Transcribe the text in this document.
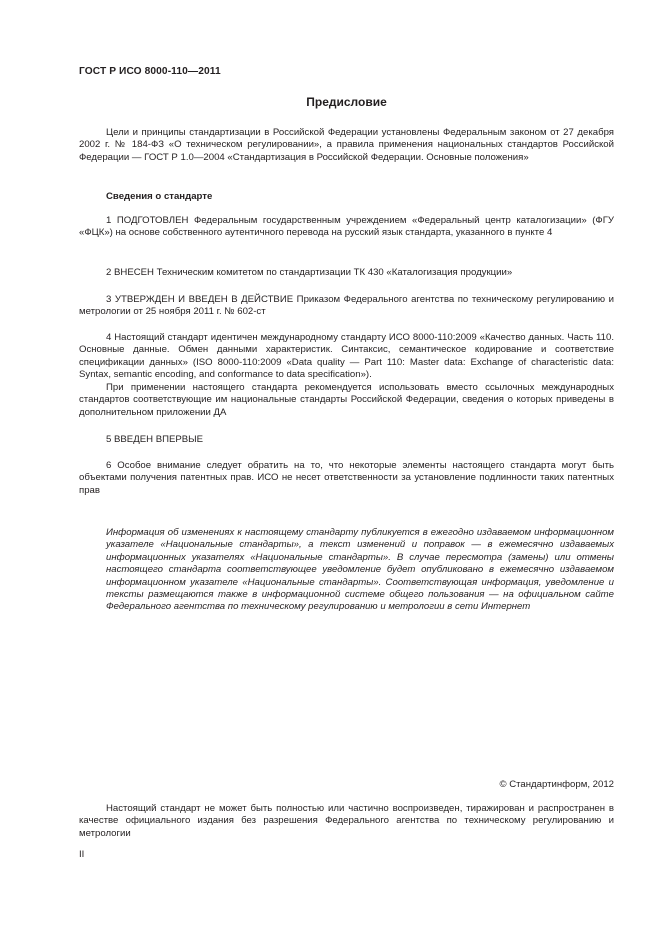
ГОСТ Р ИСО 8000-110—2011
Предисловие

Цели и принципы стандартизации в Российской Федерации установлены Федеральным законом от 27 декабря 2002 г. № 184-ФЗ «О техническом регулировании», а правила применения национальных стандартов Российской Федерации — ГОСТ Р 1.0—2004 «Стандартизация в Российской Федерации. Основные положения»

Сведения о стандарте

1 ПОДГОТОВЛЕН Федеральным государственным учреждением «Федеральный центр каталогизации» (ФГУ «ФЦК») на основе собственного аутентичного перевода на русский язык стандарта, указанного в пункте 4

2 ВНЕСЕН Техническим комитетом по стандартизации ТК 430 «Каталогизация продукции»

3 УТВЕРЖДЕН И ВВЕДЕН В ДЕЙСТВИЕ Приказом Федерального агентства по техническому регулированию и метрологии от 25 ноября 2011 г. № 602-ст

4 Настоящий стандарт идентичен международному стандарту ИСО 8000-110:2009 «Качество данных. Часть 110. Основные данные. Обмен данными характеристик. Синтаксис, семантическое кодирование и соответствие спецификации данных» (ISO 8000-110:2009 «Data quality — Part 110: Master data: Exchange of characteristic data: Syntax, semantic encoding, and conformance to data specification»).

При применении настоящего стандарта рекомендуется использовать вместо ссылочных международных стандартов соответствующие им национальные стандарты Российской Федерации, сведения о которых приведены в дополнительном приложении ДА

5 ВВЕДЕН ВПЕРВЫЕ

6 Особое внимание следует обратить на то, что некоторые элементы настоящего стандарта могут быть объектами получения патентных прав. ИСО не несет ответственности за установление подлинности таких патентных прав

Информация об изменениях к настоящему стандарту публикуется в ежегодно издаваемом информационном указателе «Национальные стандарты», а текст изменений и поправок — в ежемесячно издаваемых информационных указателях «Национальные стандарты». В случае пересмотра (замены) или отмены настоящего стандарта соответствующее уведомление будет опубликовано в ежемесячно издаваемом информационном указателе «Национальные стандарты». Соответствующая информация, уведомление и тексты размещаются также в информационной системе общего пользования — на официальном сайте Федерального агентства по техническому регулированию и метрологии в сети Интернет

© Стандартинформ, 2012

Настоящий стандарт не может быть полностью или частично воспроизведен, тиражирован и распространен в качестве официального издания без разрешения Федерального агентства по техническому регулированию и метрологии

II
